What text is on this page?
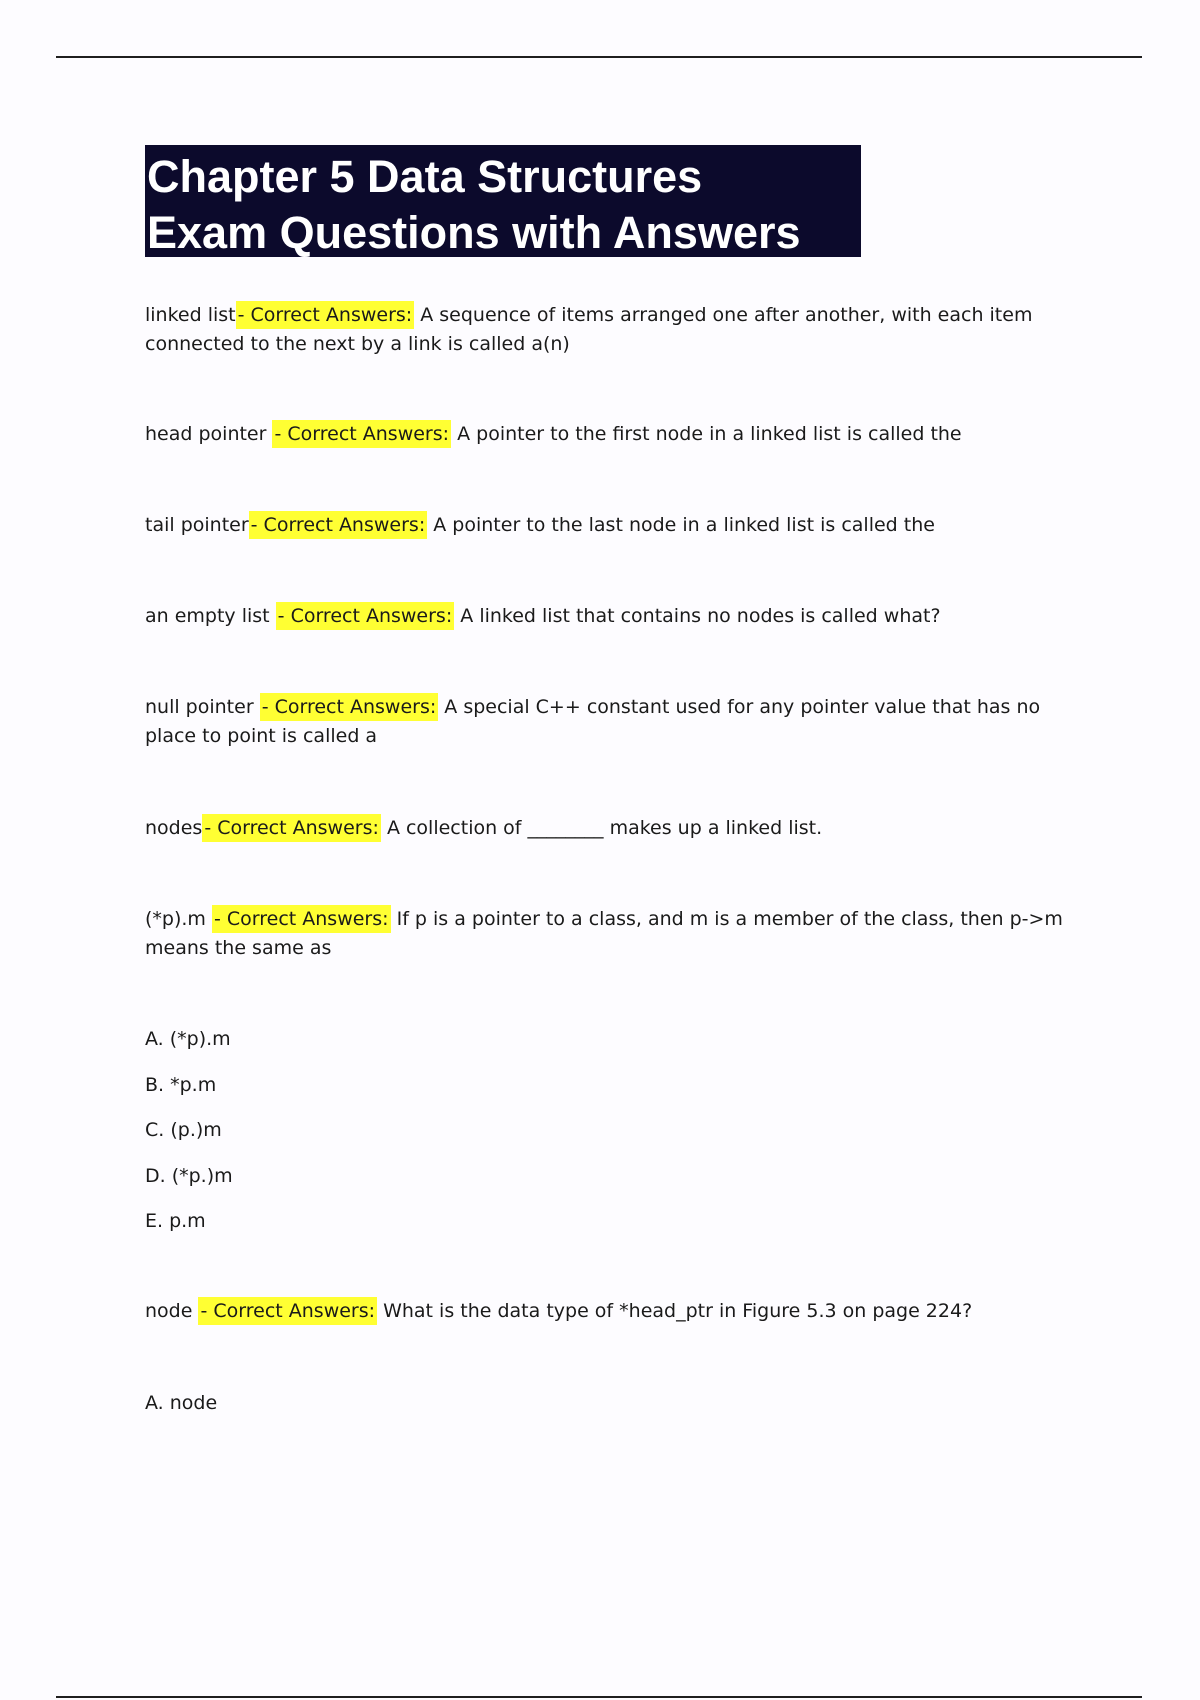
Chapter 5 Data Structures
Exam Questions with Answers
linked list - Correct Answers: A sequence of items arranged one after another, with each item connected to the next by a link is called a(n)
head pointer - Correct Answers: A pointer to the first node in a linked list is called the
tail pointer - Correct Answers: A pointer to the last node in a linked list is called the
an empty list - Correct Answers: A linked list that contains no nodes is called what?
null pointer - Correct Answers: A special C++ constant used for any pointer value that has no place to point is called a
nodes - Correct Answers: A collection of ________ makes up a linked list.
(*p).m - Correct Answers: If p is a pointer to a class, and m is a member of the class, then p->m means the same as
A. (*p).m
B. *p.m
C. (p.)m
D. (*p.)m
E. p.m
node - Correct Answers: What is the data type of *head_ptr in Figure 5.3 on page 224?
A. node
